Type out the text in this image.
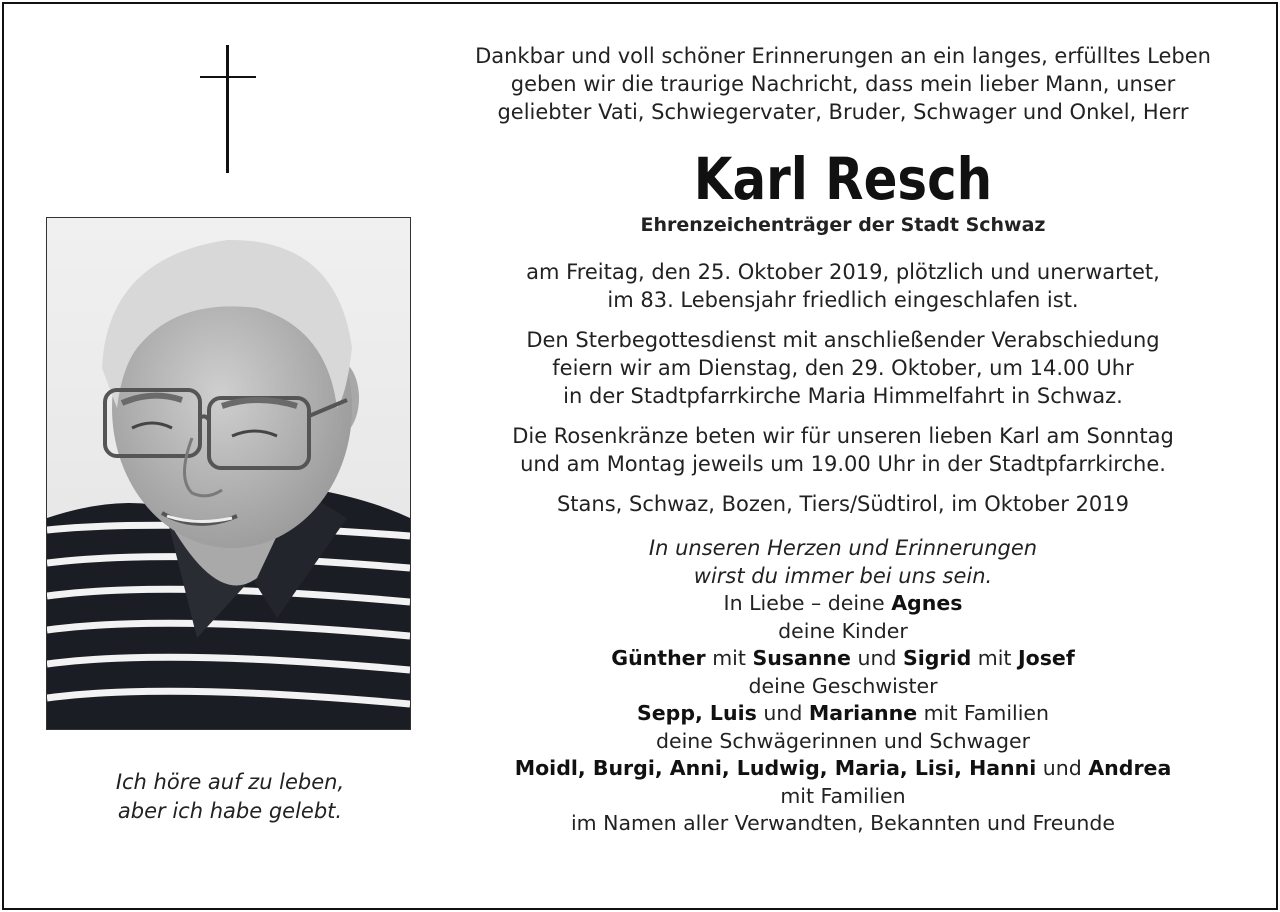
Ich höre auf zu leben,
aber ich habe gelebt.

Dankbar und voll schöner Erinnerungen an ein langes, erfülltes Leben
geben wir die traurige Nachricht, dass mein lieber Mann, unser
geliebter Vati, Schwiegervater, Bruder, Schwager und Onkel, Herr

Karl Resch

Ehrenzeichenträger der Stadt Schwaz

am Freitag, den 25. Oktober 2019, plötzlich und unerwartet,
im 83. Lebensjahr friedlich eingeschlafen ist.

Den Sterbegottesdienst mit anschließender Verabschiedung
feiern wir am Dienstag, den 29. Oktober, um 14.00 Uhr
in der Stadtpfarrkirche Maria Himmelfahrt in Schwaz.

Die Rosenkränze beten wir für unseren lieben Karl am Sonntag
und am Montag jeweils um 19.00 Uhr in der Stadtpfarrkirche.

Stans, Schwaz, Bozen, Tiers/Südtirol, im Oktober 2019

In unseren Herzen und Erinnerungen
wirst du immer bei uns sein.

In Liebe – deine Agnes
deine Kinder
Günther mit Susanne und Sigrid mit Josef
deine Geschwister
Sepp, Luis und Marianne mit Familien
deine Schwägerinnen und Schwager
Moidl, Burgi, Anni, Ludwig, Maria, Lisi, Hanni und Andrea
mit Familien
im Namen aller Verwandten, Bekannten und Freunde
